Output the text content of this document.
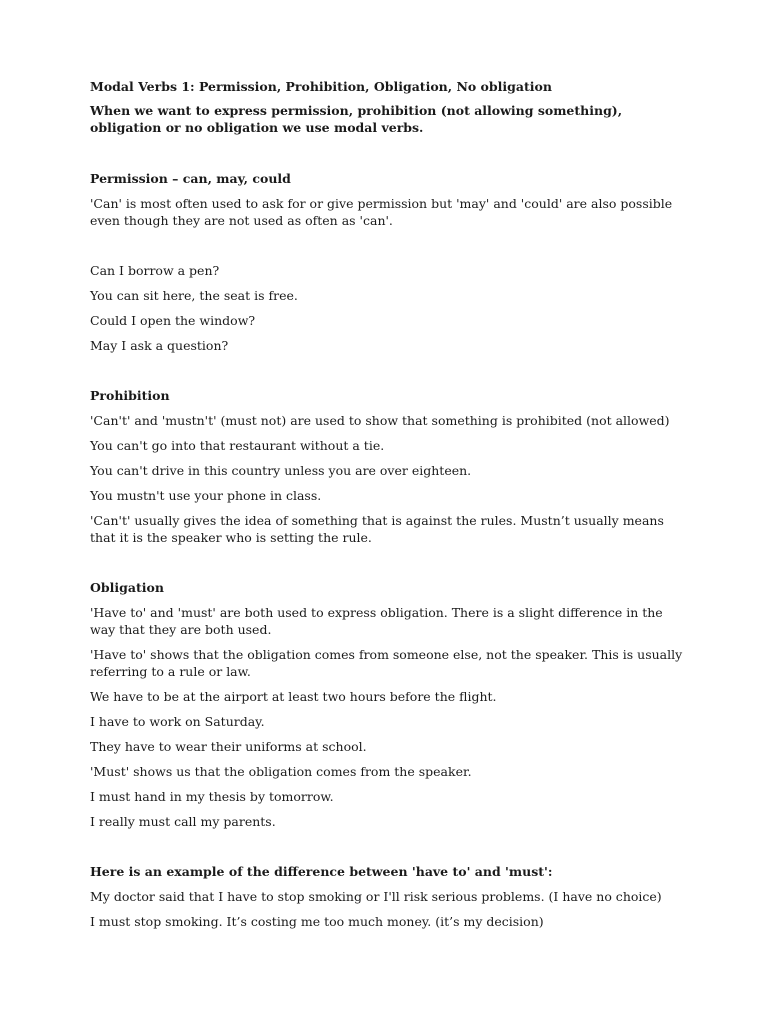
Modal Verbs 1: Permission, Prohibition, Obligation, No obligation
When we want to express permission, prohibition (not allowing something), obligation or no obligation we use modal verbs.
Permission – can, may, could
'Can' is most often used to ask for or give permission but 'may' and 'could' are also possible even though they are not used as often as 'can'.
Can I borrow a pen?
You can sit here, the seat is free.
Could I open the window?
May I ask a question?
Prohibition
'Can't' and 'mustn't' (must not) are used to show that something is prohibited (not allowed)
You can't go into that restaurant without a tie.
You can't drive in this country unless you are over eighteen.
You mustn't use your phone in class.
'Can't' usually gives the idea of something that is against the rules. Mustn’t usually means that it is the speaker who is setting the rule.
Obligation
'Have to' and 'must' are both used to express obligation. There is a slight difference in the way that they are both used.
'Have to' shows that the obligation comes from someone else, not the speaker. This is usually referring to a rule or law.
We have to be at the airport at least two hours before the flight.
I have to work on Saturday.
They have to wear their uniforms at school.
'Must' shows us that the obligation comes from the speaker.
I must hand in my thesis by tomorrow.
I really must call my parents.
Here is an example of the difference between 'have to' and 'must':
My doctor said that I have to stop smoking or I'll risk serious problems. (I have no choice)
I must stop smoking. It’s costing me too much money. (it’s my decision)
